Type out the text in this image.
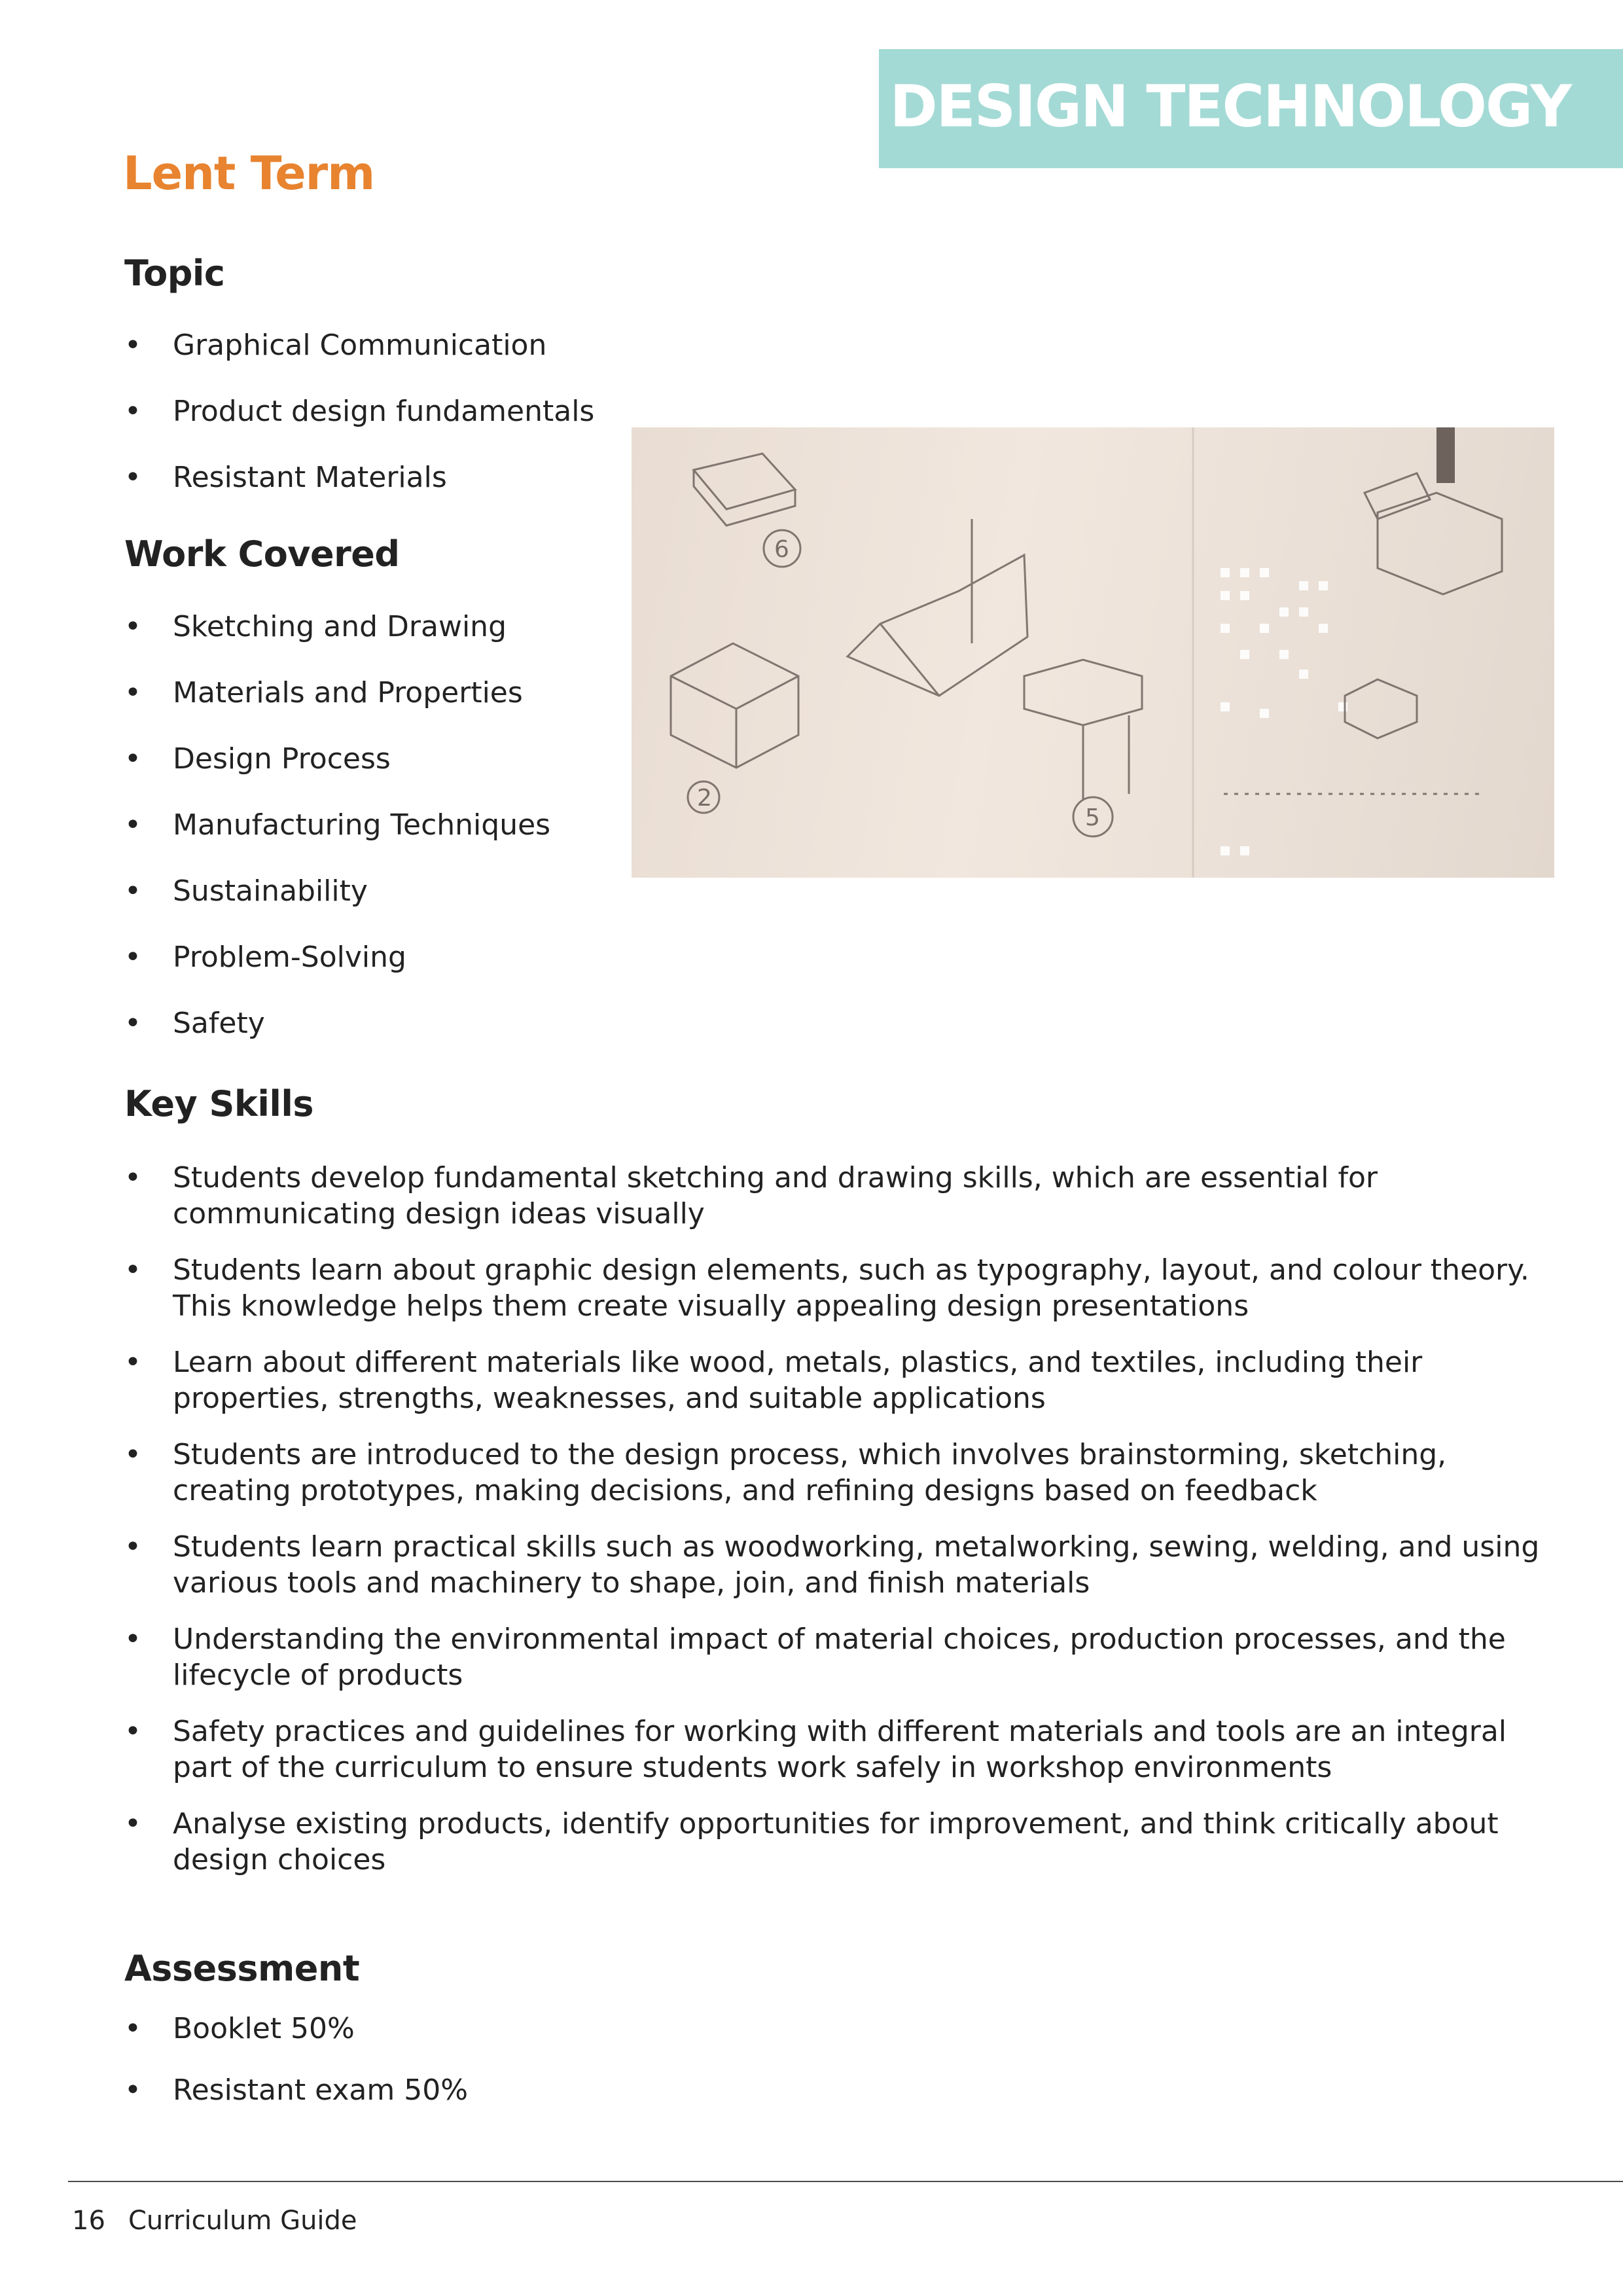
DESIGN TECHNOLOGY
Lent Term
Topic
• Graphical Communication
• Product design fundamentals
• Resistant Materials
Work Covered
• Sketching and Drawing
• Materials and Properties
• Design Process
• Manufacturing Techniques
• Sustainability
• Problem-Solving
• Safety
Key Skills
• Students develop fundamental sketching and drawing skills, which are essential for communicating design ideas visually
• Students learn about graphic design elements, such as typography, layout, and colour theory. This knowledge helps them create visually appealing design presentations
• Learn about different materials like wood, metals, plastics, and textiles, including their properties, strengths, weaknesses, and suitable applications
• Students are introduced to the design process, which involves brainstorming, sketching, creating prototypes, making decisions, and refining designs based on feedback
• Students learn practical skills such as woodworking, metalworking, sewing, welding, and using various tools and machinery to shape, join, and finish materials
• Understanding the environmental impact of material choices, production processes, and the lifecycle of products
• Safety practices and guidelines for working with different materials and tools are an integral part of the curriculum to ensure students work safely in workshop environments
• Analyse existing products, identify opportunities for improvement, and think critically about design choices
Assessment
• Booklet 50%
• Resistant exam 50%
6
2
5
16 Curriculum Guide
